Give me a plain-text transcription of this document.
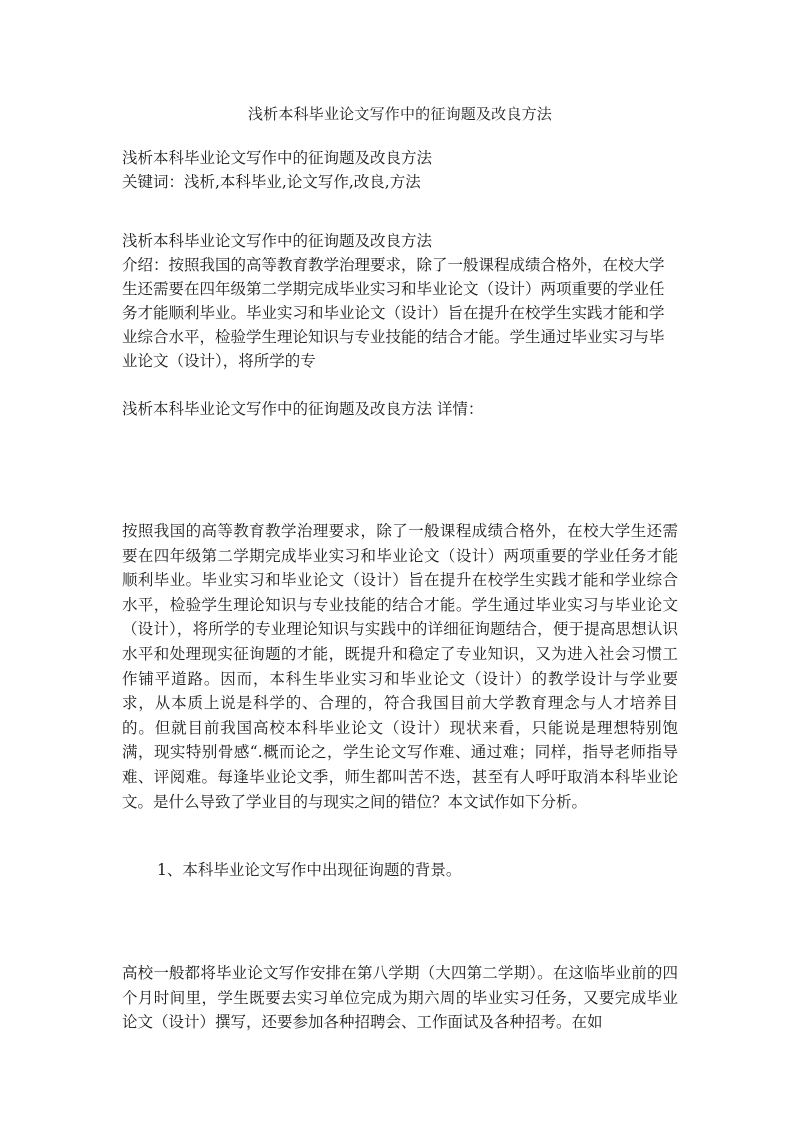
浅析本科毕业论文写作中的征询题及改良方法

浅析本科毕业论文写作中的征询题及改良方法

关键词：浅析,本科毕业,论文写作,改良,方法

浅析本科毕业论文写作中的征询题及改良方法

介绍：按照我国的高等教育教学治理要求，除了一般课程成绩合格外，在校大学生还需要在四年级第二学期完成毕业实习和毕业论文（设计）两项重要的学业任务才能顺利毕业。毕业实习和毕业论文（设计）旨在提升在校学生实践才能和学业综合水平，检验学生理论知识与专业技能的结合才能。学生通过毕业实习与毕业论文（设计），将所学的专

浅析本科毕业论文写作中的征询题及改良方法 详情：
按照我国的高等教育教学治理要求，除了一般课程成绩合格外，在校大学生还需要在四年级第二学期完成毕业实习和毕业论文（设计）两项重要的学业任务才能顺利毕业。毕业实习和毕业论文（设计）旨在提升在校学生实践才能和学业综合水平，检验学生理论知识与专业技能的结合才能。学生通过毕业实习与毕业论文（设计），将所学的专业理论知识与实践中的详细征询题结合，便于提高思想认识水平和处理现实征询题的才能，既提升和稳定了专业知识，又为进入社会习惯工作铺平道路。因而，本科生毕业实习和毕业论文（设计）的教学设计与学业要求，从本质上说是科学的、合理的，符合我国目前大学教育理念与人才培养目的。但就目前我国高校本科毕业论文（设计）现状来看，只能说是理想特别饱满，现实特别骨感“.概而论之，学生论文写作难、通过难；同样，指导老师指导难、评阅难。每逢毕业论文季，师生都叫苦不迭，甚至有人呼吁取消本科毕业论文。是什么导致了学业目的与现实之间的错位？本文试作如下分析。
1、本科毕业论文写作中出现征询题的背景。
高校一般都将毕业论文写作安排在第八学期（大四第二学期）。在这临毕业前的四个月时间里，学生既要去实习单位完成为期六周的毕业实习任务，又要完成毕业论文（设计）撰写，还要参加各种招聘会、工作面试及各种招考。在如
